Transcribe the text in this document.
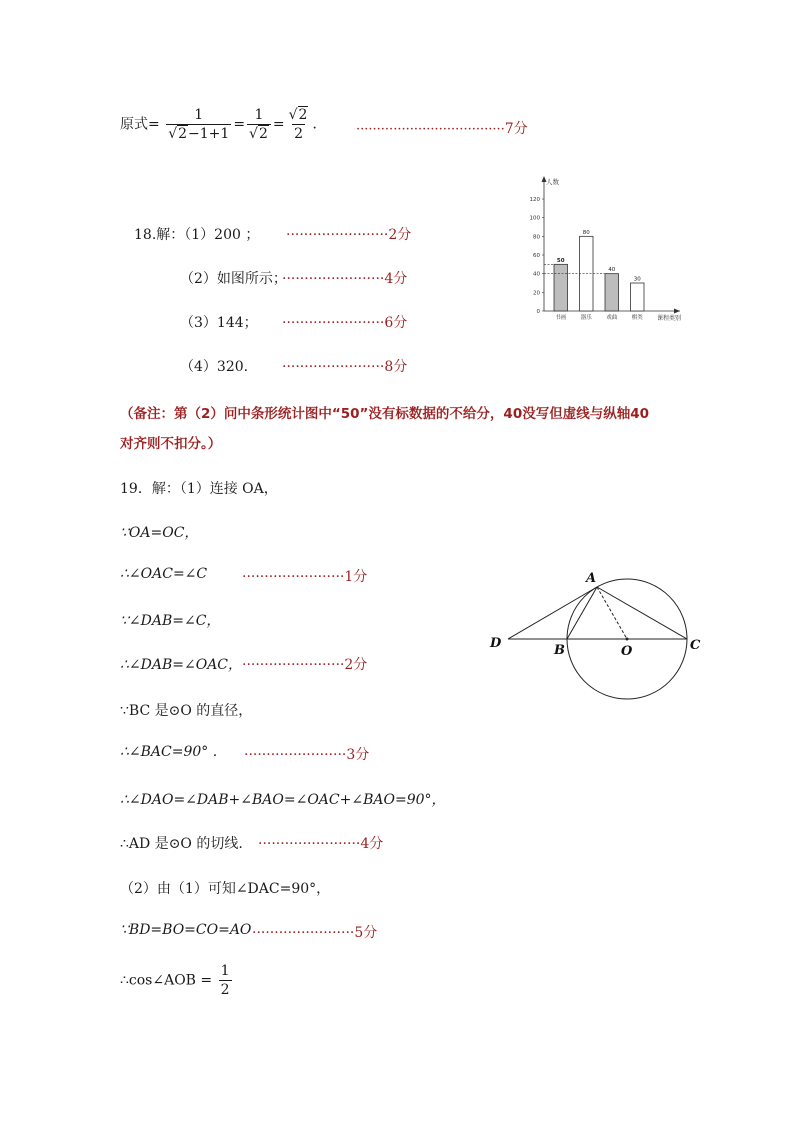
原式= $\frac{1}{√2-1+1} = \frac{1}{√2} = \frac{√2}{2}$ ． ····································7分
18.解：（1）200 ； ·······················2分
（2）如图所示；
·······················4分
（3）144； ·······················6分
（4）320. ·······················8分
人数
课程类别
0
20
40
60
80
100
120
50
书画
80
器乐
40
戏曲
30
棋类
（备注：第（2）问中条形统计图中“50”没有标数据的不给分，40没写但虚线与纵轴40
对齐则不扣分。）
19．解：（1）连接 OA，
∵OA=OC，
∴∠OAC=∠C ·······················1分
∵∠DAB=∠C，
∴∠DAB=∠OAC， ·······················2分
∵BC 是⊙O 的直径，
∴∠BAC=90° . ·······················3分
∴∠DAO=∠DAB+∠BAO=∠OAC+∠BAO=90°，
∴AD 是⊙O 的切线. ·······················4分
（2）由（1）可知∠DAC=90°，
∵BD=BO=CO=AO ·······················5分
∴cos∠AOB = $\frac{1}{2}$
A
B	C
D
O
